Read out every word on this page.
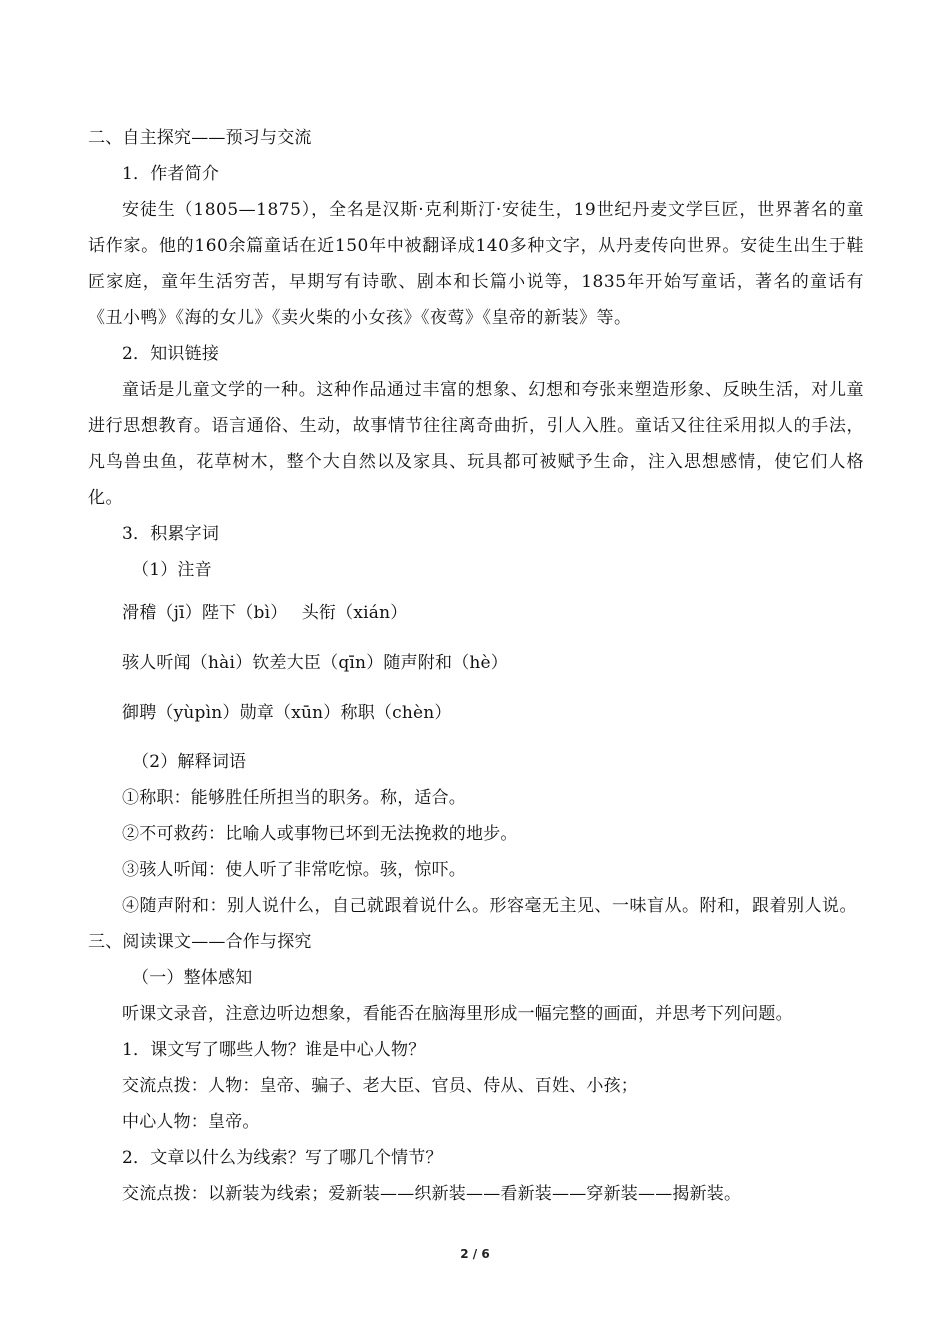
二、自主探究——预习与交流
1．作者简介
安徒生（1805—1875），全名是汉斯·克利斯汀·安徒生，19世纪丹麦文学巨匠，世界著名的童话作家。他的160余篇童话在近150年中被翻译成140多种文字，从丹麦传向世界。安徒生出生于鞋匠家庭，童年生活穷苦，早期写有诗歌、剧本和长篇小说等，1835年开始写童话，著名的童话有《丑小鸭》《海的女儿》《卖火柴的小女孩》《夜莺》《皇帝的新装》等。
2．知识链接
童话是儿童文学的一种。这种作品通过丰富的想象、幻想和夸张来塑造形象、反映生活，对儿童进行思想教育。语言通俗、生动，故事情节往往离奇曲折，引人入胜。童话又往往采用拟人的手法，凡鸟兽虫鱼，花草树木，整个大自然以及家具、玩具都可被赋予生命，注入思想感情，使它们人格化。
3．积累字词
（1）注音
滑稽（jī）陛下（bì）　 头衔（xián）
骇人听闻（hài）钦差大臣（qīn）随声附和（hè）
御聘（yùpìn）勋章（xūn）称职（chèn）
（2）解释词语
①称职：能够胜任所担当的职务。称，适合。
②不可救药：比喻人或事物已坏到无法挽救的地步。
③骇人听闻：使人听了非常吃惊。骇，惊吓。
④随声附和：别人说什么，自己就跟着说什么。形容毫无主见、一味盲从。附和，跟着别人说。
三、阅读课文——合作与探究
（一）整体感知
听课文录音，注意边听边想象，看能否在脑海里形成一幅完整的画面，并思考下列问题。
1．课文写了哪些人物？谁是中心人物？
交流点拨：人物：皇帝、骗子、老大臣、官员、侍从、百姓、小孩；
中心人物：皇帝。
2．文章以什么为线索？写了哪几个情节？
交流点拨：以新装为线索；爱新装——织新装——看新装——穿新装——揭新装。
2 / 6
